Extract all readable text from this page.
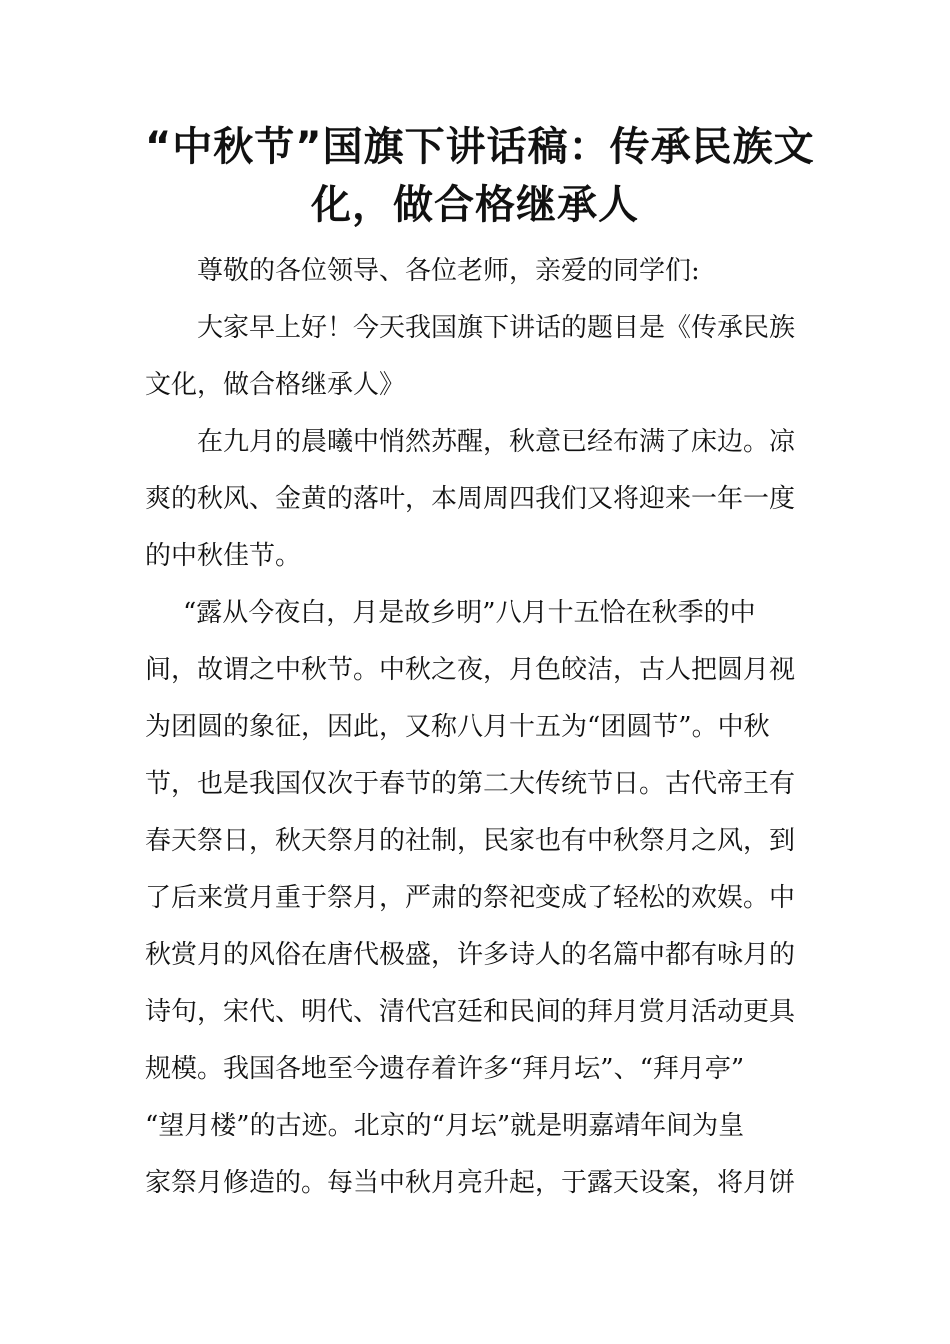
“中秋节”国旗下讲话稿：传承民族文
化，做合格继承人
尊敬的各位领导、各位老师，亲爱的同学们:
大家早上好！今天我国旗下讲话的题目是《传承民族
文化，做合格继承人》
在九月的晨曦中悄然苏醒，秋意已经布满了床边。凉
爽的秋风、金黄的落叶，本周周四我们又将迎来一年一度
的中秋佳节。
“露从今夜白，月是故乡明”八月十五恰在秋季的中
间，故谓之中秋节。中秋之夜，月色皎洁，古人把圆月视
为团圆的象征，因此，又称八月十五为“团圆节”。中秋
节，也是我国仅次于春节的第二大传统节日。古代帝王有
春天祭日，秋天祭月的社制，民家也有中秋祭月之风，到
了后来赏月重于祭月，严肃的祭祀变成了轻松的欢娱。中
秋赏月的风俗在唐代极盛，许多诗人的名篇中都有咏月的
诗句，宋代、明代、清代宫廷和民间的拜月赏月活动更具
规模。我国各地至今遗存着许多“拜月坛”、“拜月亭”
“望月楼”的古迹。北京的“月坛”就是明嘉靖年间为皇
家祭月修造的。每当中秋月亮升起，于露天设案，将月饼
